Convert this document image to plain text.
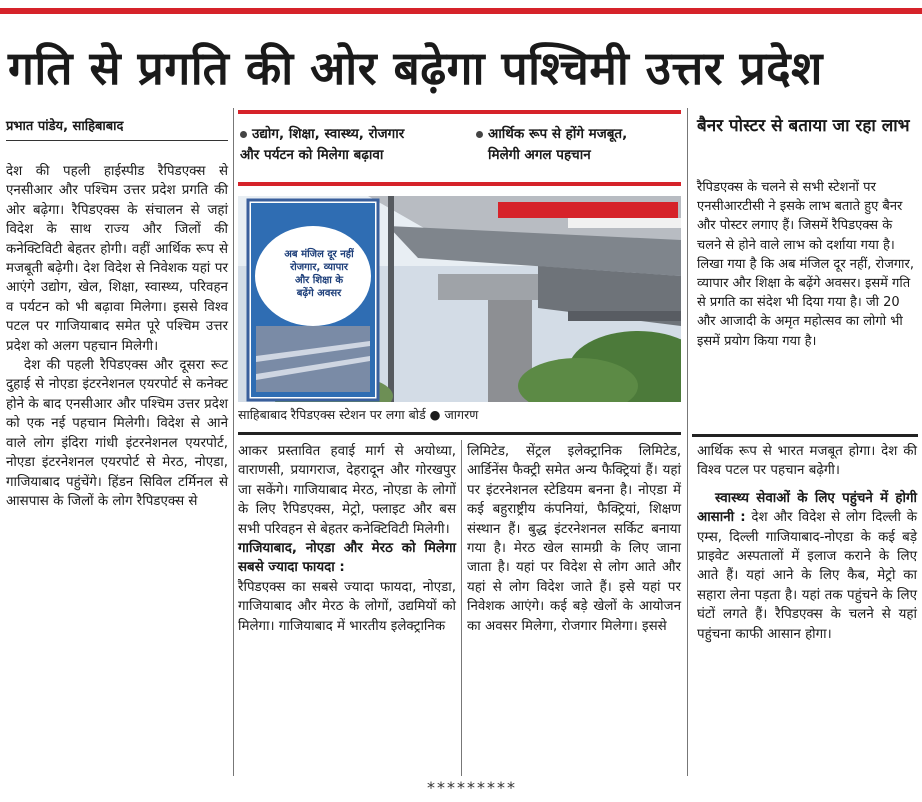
गति से प्रगति की ओर बढ़ेगा पश्चिमी उत्तर प्रदेश
प्रभात पांडेय, साहिबाबाद

देश की पहली हाईस्पीड रैपिडएक्स से एनसीआर और पश्चिम उत्तर प्रदेश प्रगति की ओर बढ़ेगा। रैपिडएक्स के संचालन से जहां विदेश के साथ राज्य और जिलों की कनेक्टिविटी बेहतर होगी। वहीं आर्थिक रूप से मजबूती बढ़ेगी। देश विदेश से निवेशक यहां पर आएंगे उद्योग, खेल, शिक्षा, स्वास्थ्य, परिवहन व पर्यटन को भी बढ़ावा मिलेगा। इससे विश्व पटल पर गाजियाबाद समेत पूरे पश्चिम उत्तर प्रदेश को अलग पहचान मिलेगी।

देश की पहली रैपिडएक्स और दूसरा रूट दुहाई से नोएडा इंटरनेशनल एयरपोर्ट से कनेक्ट होने के बाद एनसीआर और पश्चिम उत्तर प्रदेश को एक नई पहचान मिलेगी। विदेश से आने वाले लोग इंदिरा गांधी इंटरनेशनल एयरपोर्ट, नोएडा इंटरनेशनल एयरपोर्ट से मेरठ, नोएडा, गाजियाबाद पहुंचेंगे। हिंडन सिविल टर्मिनल से आसपास के जिलों के लोग रैपिडएक्स से

उद्योग, शिक्षा, स्वास्थ्य, रोजगार
और पर्यटन को मिलेगा बढ़ावा
आर्थिक रूप से होंगे मजबूत,
मिलेगी अगल पहचान
अब मंजिल दूर नहीं
रोजगार, व्यापार
और शिक्षा के
बढ़ेंगे अवसर
साहिबाबाद रैपिडएक्स स्टेशन पर लगा बोर्ड ● जागरण

आकर प्रस्तावित हवाई मार्ग से अयोध्या, वाराणसी, प्रयागराज, देहरादून और गोरखपुर जा सकेंगे। गाजियाबाद मेरठ, नोएडा के लोगों के लिए रैपिडएक्स, मेट्रो, फ्लाइट और बस सभी परिवहन से बेहतर कनेक्टिविटी मिलेगी।

गाजियाबाद, नोएडा और मेरठ को मिलेगा सबसे ज्यादा फायदा :

रैपिडएक्स का सबसे ज्यादा फायदा, नोएडा, गाजियाबाद और मेरठ के लोगों, उद्यमियों को मिलेगा। गाजियाबाद में भारतीय इलेक्ट्रानिक

लिमिटेड, सेंट्रल इलेक्ट्रानिक लिमिटेड, आर्डिनेंस फैक्ट्री समेत अन्य फैक्ट्रियां हैं। यहां पर इंटरनेशनल स्टेडियम बनना है। नोएडा में कई बहुराष्ट्रीय कंपनियां, फैक्ट्रियां, शिक्षण संस्थान हैं। बुद्ध इंटरनेशनल सर्किट बनाया गया है। मेरठ खेल सामग्री के लिए जाना जाता है। यहां पर विदेश से लोग आते और यहां से लोग विदेश जाते हैं। इसे यहां पर निवेशक आएंगे। कई बड़े खेलों के आयोजन का अवसर मिलेगा, रोजगार मिलेगा। इससे

बैनर पोस्टर से बताया जा रहा लाभ
रैपिडएक्स के चलने से सभी स्टेशनों पर एनसीआरटीसी ने इसके लाभ बताते हुए बैनर और पोस्टर लगाए हैं। जिसमें रैपिडएक्स के चलने से होने वाले लाभ को दर्शाया गया है। लिखा गया है कि अब मंजिल दूर नहीं, रोजगार, व्यापार और शिक्षा के बढ़ेंगे अवसर। इसमें गति से प्रगति का संदेश भी दिया गया है। जी 20 और आजादी के अमृत महोत्सव का लोगो भी इसमें प्रयोग किया गया है।

आर्थिक रूप से भारत मजबूत होगा। देश की विश्व पटल पर पहचान बढ़ेगी।

स्वास्थ्य सेवाओं के लिए पहुंचने में होगी आसानी : देश और विदेश से लोग दिल्ली के एम्स, दिल्ली गाजियाबाद-नोएडा के कई बड़े प्राइवेट अस्पतालों में इलाज कराने के लिए आते हैं। यहां आने के लिए कैब, मेट्रो का सहारा लेना पड़ता है। यहां तक पहुंचने के लिए घंटों लगते हैं। रैपिडएक्स के चलने से यहां पहुंचना काफी आसान होगा।

*********
